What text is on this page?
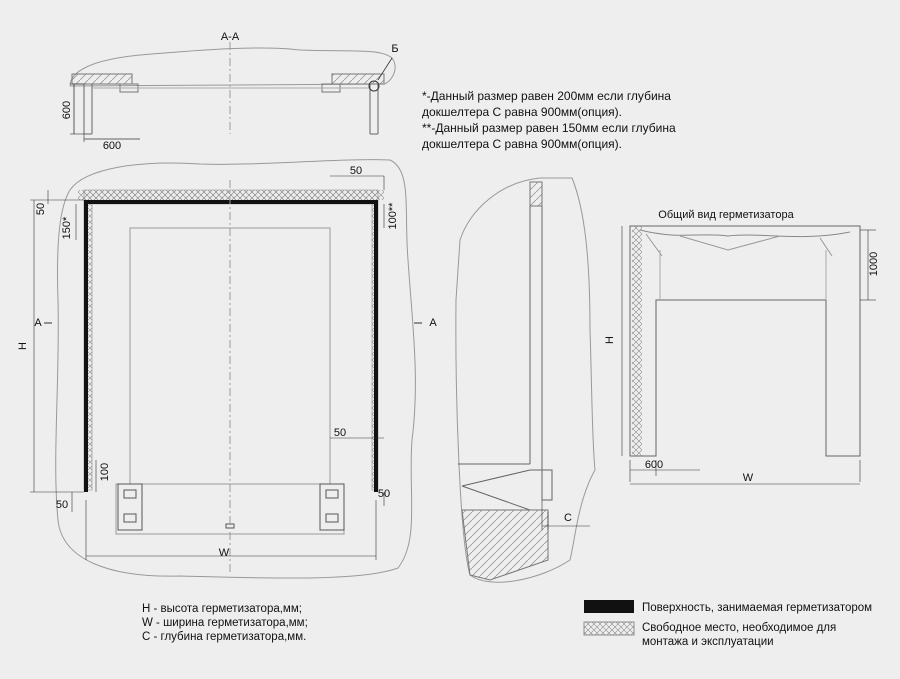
А-А
Б
600
600
50
50
150*	100**
H
А	А
50
100
50
50
W
C
Общий вид герметизатора
1000
H
600
W
*-Данный размер равен 200мм если глубина
докшелтера С равна 900мм(опция).
**-Данный размер равен 150мм если глубина
докшелтера С равна 900мм(опция).
H - высота герметизатора,мм;
W - ширина герметизатора,мм;
C - глубина герметизатора,мм.
Поверхность, занимаемая герметизатором
Свободное место, необходимое для
монтажа и эксплуатации
